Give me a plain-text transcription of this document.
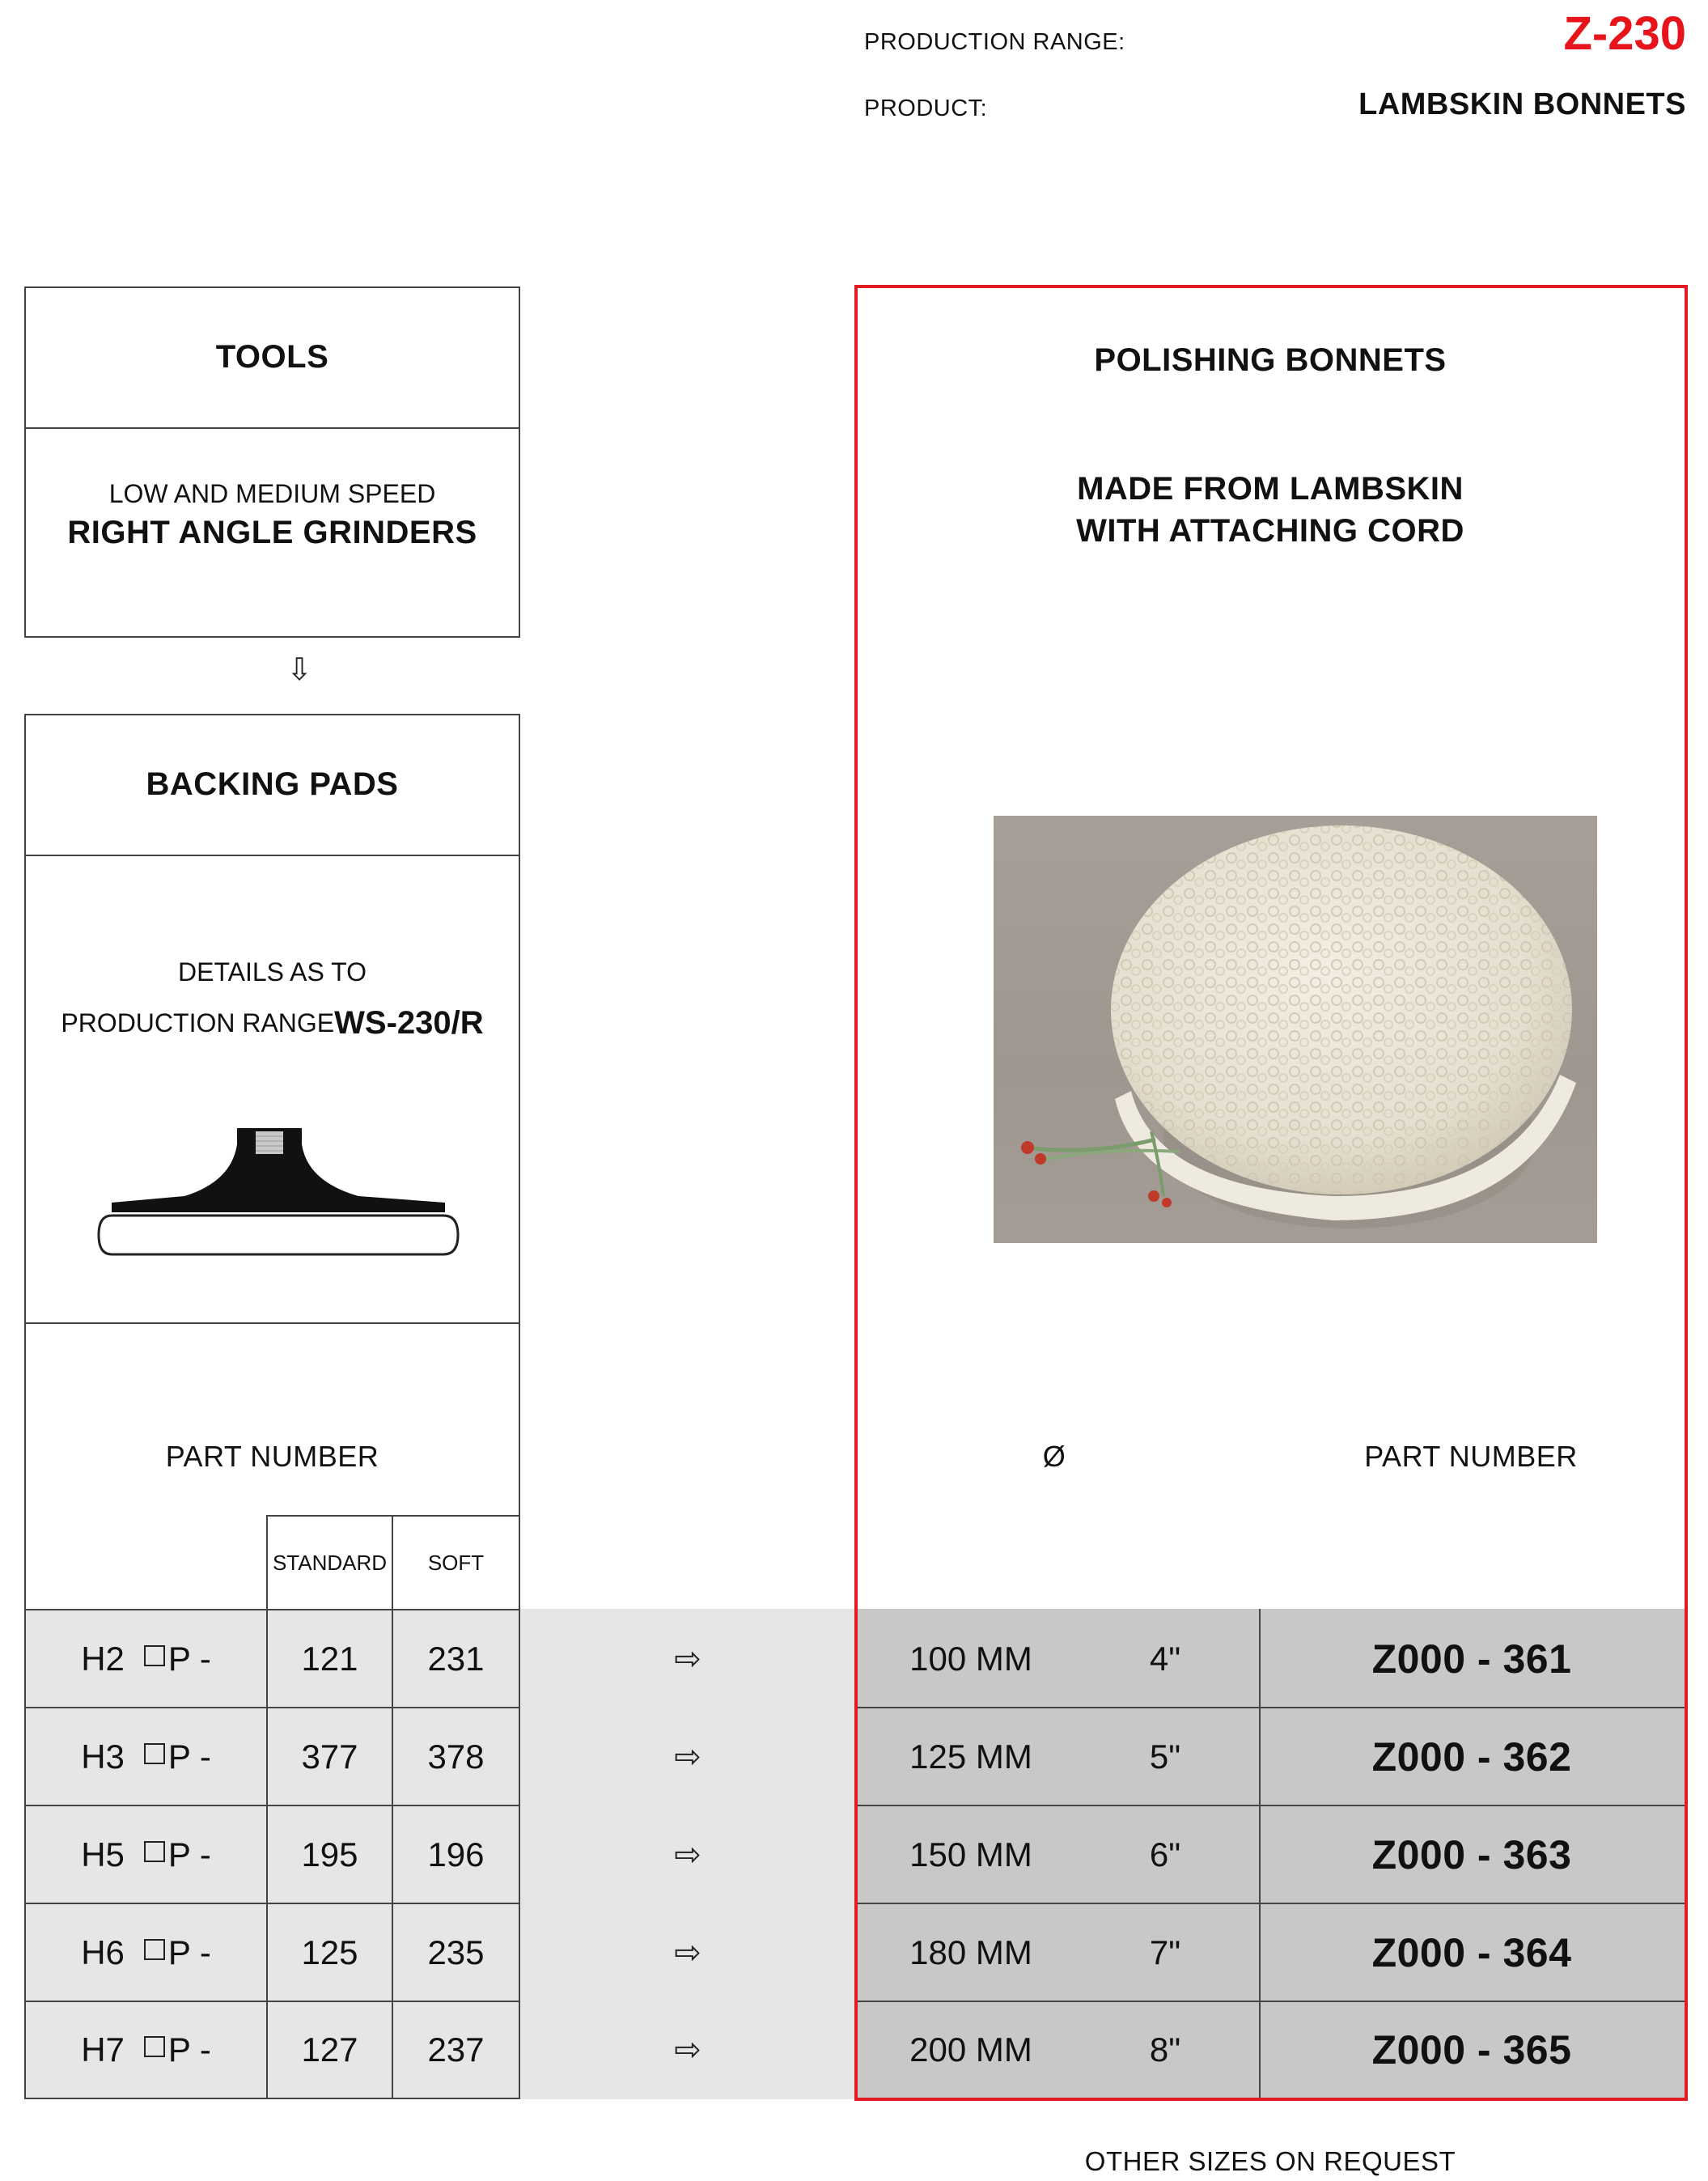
PRODUCTION RANGE:	Z-230
PRODUCT:	LAMBSKIN BONNETS
TOOLS
LOW AND MEDIUM SPEED
RIGHT ANGLE GRINDERS
⇩
BACKING PADS
DETAILS AS TO
PRODUCTION RANGE WS-230/R
PART NUMBER
STANDARD	SOFT
POLISHING BONNETS
MADE FROM LAMBSKIN
WITH ATTACHING CORD
Ø	PART NUMBER
H2 P -	121	231	⇨	100 MM	4"	Z000 - 361
H3 P -	377	378	⇨	125 MM	5"	Z000 - 362
H5 P -	195	196	⇨	150 MM	6"	Z000 - 363
H6 P -	125	235	⇨	180 MM	7"	Z000 - 364
H7 P -	127	237	⇨	200 MM	8"	Z000 - 365
OTHER SIZES ON REQUEST
